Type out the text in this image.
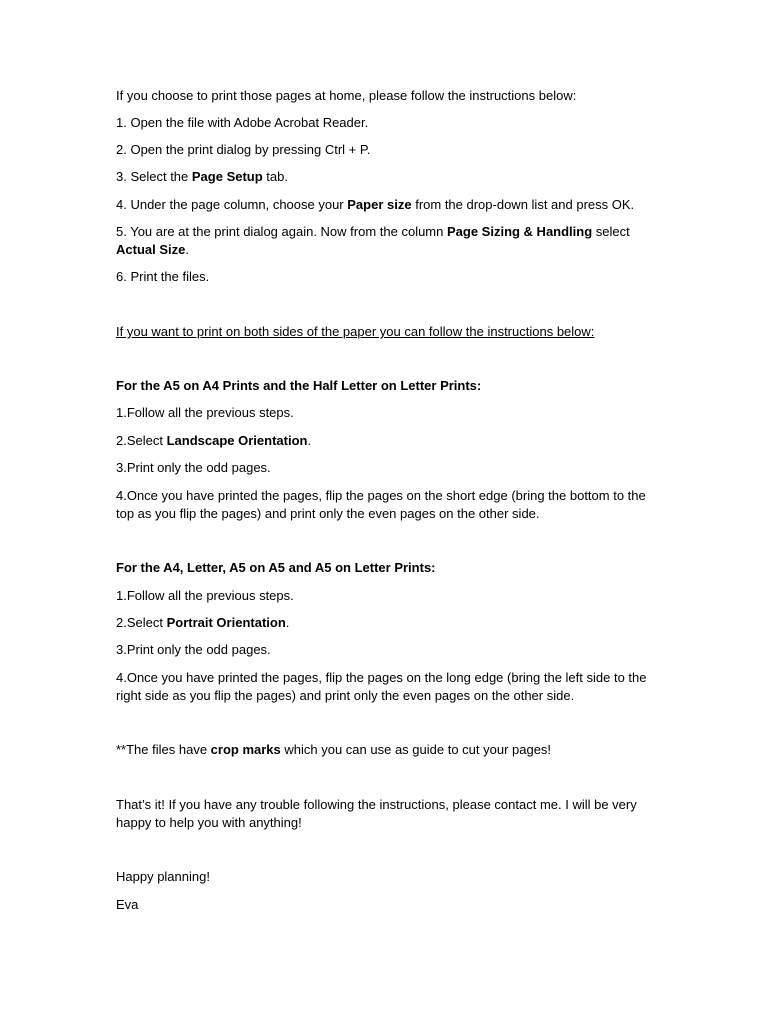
If you choose to print those pages at home, please follow the instructions below:

1. Open the file with Adobe Acrobat Reader.

2. Open the print dialog by pressing Ctrl + P.

3. Select the Page Setup tab.

4. Under the page column, choose your Paper size from the drop-down list and press OK.

5. You are at the print dialog again. Now from the column Page Sizing & Handling select

Actual Size.

6. Print the files.

If you want to print on both sides of the paper you can follow the instructions below:

For the A5 on A4 Prints and the Half Letter on Letter Prints:

1.Follow all the previous steps.

2.Select Landscape Orientation.

3.Print only the odd pages.

4.Once you have printed the pages, flip the pages on the short edge (bring the bottom to the

top as you flip the pages) and print only the even pages on the other side.

For the A4, Letter, A5 on A5 and A5 on Letter Prints:

1.Follow all the previous steps.

2.Select Portrait Orientation.

3.Print only the odd pages.

4.Once you have printed the pages, flip the pages on the long edge (bring the left side to the

right side as you flip the pages) and print only the even pages on the other side.

**The files have crop marks which you can use as guide to cut your pages!

That’s it! If you have any trouble following the instructions, please contact me. I will be very

happy to help you with anything!

Happy planning!

Eva
